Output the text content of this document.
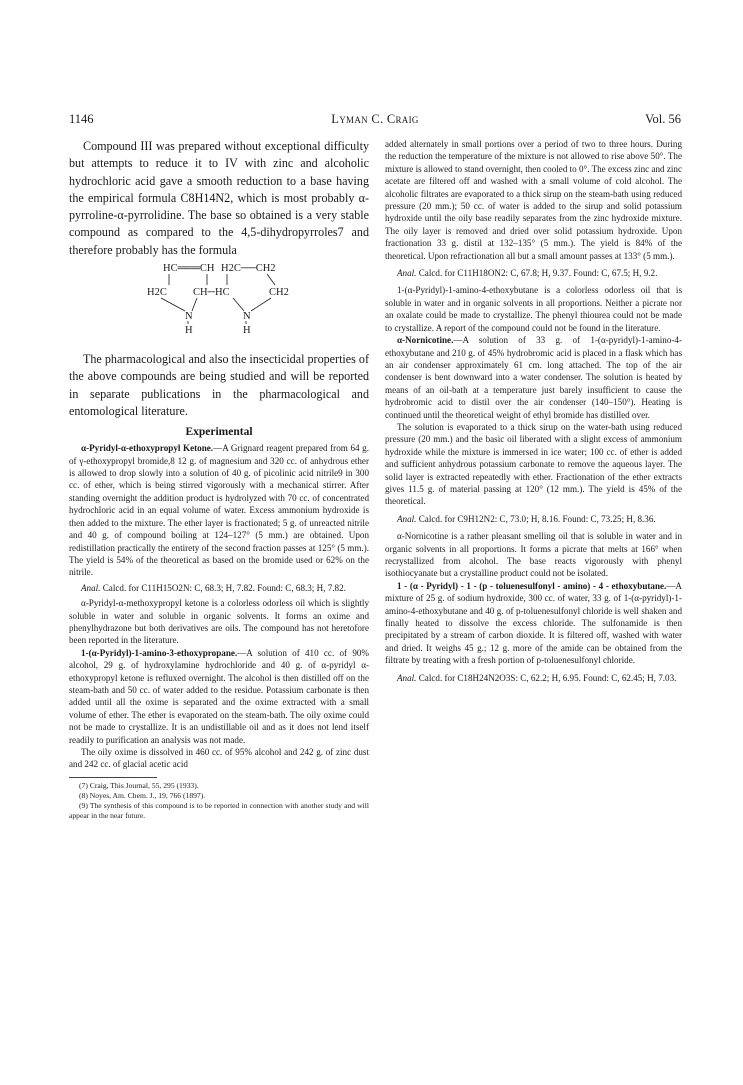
1146	Lyman C. Craig	Vol. 56

Compound III was prepared without exceptional difficulty but attempts to reduce it to IV with zinc and alcoholic hydrochloric acid gave a smooth reduction to a base having the empirical formula C8H14N2, which is most probably α-pyrroline-α-pyrrolidine. The base so obtained is a very stable compound as compared to the 4,5-dihydropyrroles7 and therefore probably has the formula

HC═══CH H2C──CH2
H2C CH─HC	CH2
N	N
H	H

The pharmacological and also the insecticidal properties of the above compounds are being studied and will be reported in separate publications in the pharmacological and entomological literature.

Experimental

α-Pyridyl-α-ethoxypropyl Ketone.—A Grignard reagent prepared from 64 g. of γ-ethoxypropyl bromide,8 12 g. of magnesium and 320 cc. of anhydrous ether is allowed to drop slowly into a solution of 40 g. of picolinic acid nitrile9 in 300 cc. of ether, which is being stirred vigorously with a mechanical stirrer. After standing overnight the addition product is hydrolyzed with 70 cc. of concentrated hydrochloric acid in an equal volume of water. Excess ammonium hydroxide is then added to the mixture. The ether layer is fractionated; 5 g. of unreacted nitrile and 40 g. of compound boiling at 124–127° (5 mm.) are obtained. Upon redistillation practically the entirety of the second fraction passes at 125° (5 mm.). The yield is 54% of the theoretical as based on the bromide used or 62% on the nitrile.

Anal. Calcd. for C11H15O2N: C, 68.3; H, 7.82. Found: C, 68.3; H, 7.82.

α-Pyridyl-α-methoxypropyl ketone is a colorless odorless oil which is slightly soluble in water and soluble in organic solvents. It forms an oxime and phenylhydrazone but both derivatives are oils. The compound has not heretofore been reported in the literature.

1-(α-Pyridyl)-1-amino-3-ethoxypropane.—A solution of 410 cc. of 90% alcohol, 29 g. of hydroxylamine hydrochloride and 40 g. of α-pyridyl α-ethoxypropyl ketone is refluxed overnight. The alcohol is then distilled off on the steam-bath and 50 cc. of water added to the residue. Potassium carbonate is then added until all the oxime is separated and the oxime extracted with a small volume of ether. The ether is evaporated on the steam-bath. The oily oxime could not be made to crystallize. It is an undistillable oil and as it does not lend itself readily to purification an analysis was not made.

The oily oxime is dissolved in 460 cc. of 95% alcohol and 242 g. of zinc dust and 242 cc. of glacial acetic acid

(7) Craig, This Journal, 55, 295 (1933).

(8) Noyes, Am. Chem. J., 19, 766 (1897).

(9) The synthesis of this compound is to be reported in connection with another study and will appear in the near future.

added alternately in small portions over a period of two to three hours. During the reduction the temperature of the mixture is not allowed to rise above 50°. The mixture is allowed to stand overnight, then cooled to 0°. The excess zinc and zinc acetate are filtered off and washed with a small volume of cold alcohol. The alcoholic filtrates are evaporated to a thick sirup on the steam-bath using reduced pressure (20 mm.); 50 cc. of water is added to the sirup and solid potassium hydroxide until the oily base readily separates from the zinc hydroxide mixture. The oily layer is removed and dried over solid potassium hydroxide. Upon fractionation 33 g. distil at 132–135° (5 mm.). The yield is 84% of the theoretical. Upon refractionation all but a small amount passes at 133° (5 mm.).

Anal. Calcd. for C11H18ON2: C, 67.8; H, 9.37. Found: C, 67.5; H, 9.2.

1-(α-Pyridyl)-1-amino-4-ethoxybutane is a colorless odorless oil that is soluble in water and in organic solvents in all proportions. Neither a picrate nor an oxalate could be made to crystallize. The phenyl thiourea could not be made to crystallize. A report of the compound could not be found in the literature.

α-Nornicotine.—A solution of 33 g. of 1-(α-pyridyl)-1-amino-4-ethoxybutane and 210 g. of 45% hydrobromic acid is placed in a flask which has an air condenser approximately 61 cm. long attached. The top of the air condenser is bent downward into a water condenser. The solution is heated by means of an oil-bath at a temperature just barely insufficient to cause the hydrobromic acid to distil over the air condenser (140–150°). Heating is continued until the theoretical weight of ethyl bromide has distilled over.

The solution is evaporated to a thick sirup on the water-bath using reduced pressure (20 mm.) and the basic oil liberated with a slight excess of ammonium hydroxide while the mixture is immersed in ice water; 100 cc. of ether is added and sufficient anhydrous potassium carbonate to remove the aqueous layer. The solid layer is extracted repeatedly with ether. Fractionation of the ether extracts gives 11.5 g. of material passing at 120° (12 mm.). The yield is 45% of the theoretical.

Anal. Calcd. for C9H12N2: C, 73.0; H, 8.16. Found: C, 73.25; H, 8.36.

α-Nornicotine is a rather pleasant smelling oil that is soluble in water and in organic solvents in all proportions. It forms a picrate that melts at 166° when recrystallized from alcohol. The base reacts vigorously with phenyl isothiocyanate but a crystalline product could not be isolated.

1 - (α - Pyridyl) - 1 - (p - toluenesulfonyl - amino) - 4 - ethoxybutane.—A mixture of 25 g. of sodium hydroxide, 300 cc. of water, 33 g. of 1-(α-pyridyl)-1-amino-4-ethoxybutane and 40 g. of p-toluenesulfonyl chloride is well shaken and finally heated to dissolve the excess chloride. The sulfonamide is then precipitated by a stream of carbon dioxide. It is filtered off, washed with water and dried. It weighs 45 g.; 12 g. more of the amide can be obtained from the filtrate by treating with a fresh portion of p-toluenesulfonyl chloride.

Anal. Calcd. for C18H24N2O3S: C, 62.2; H, 6.95. Found: C, 62.45; H, 7.03.
